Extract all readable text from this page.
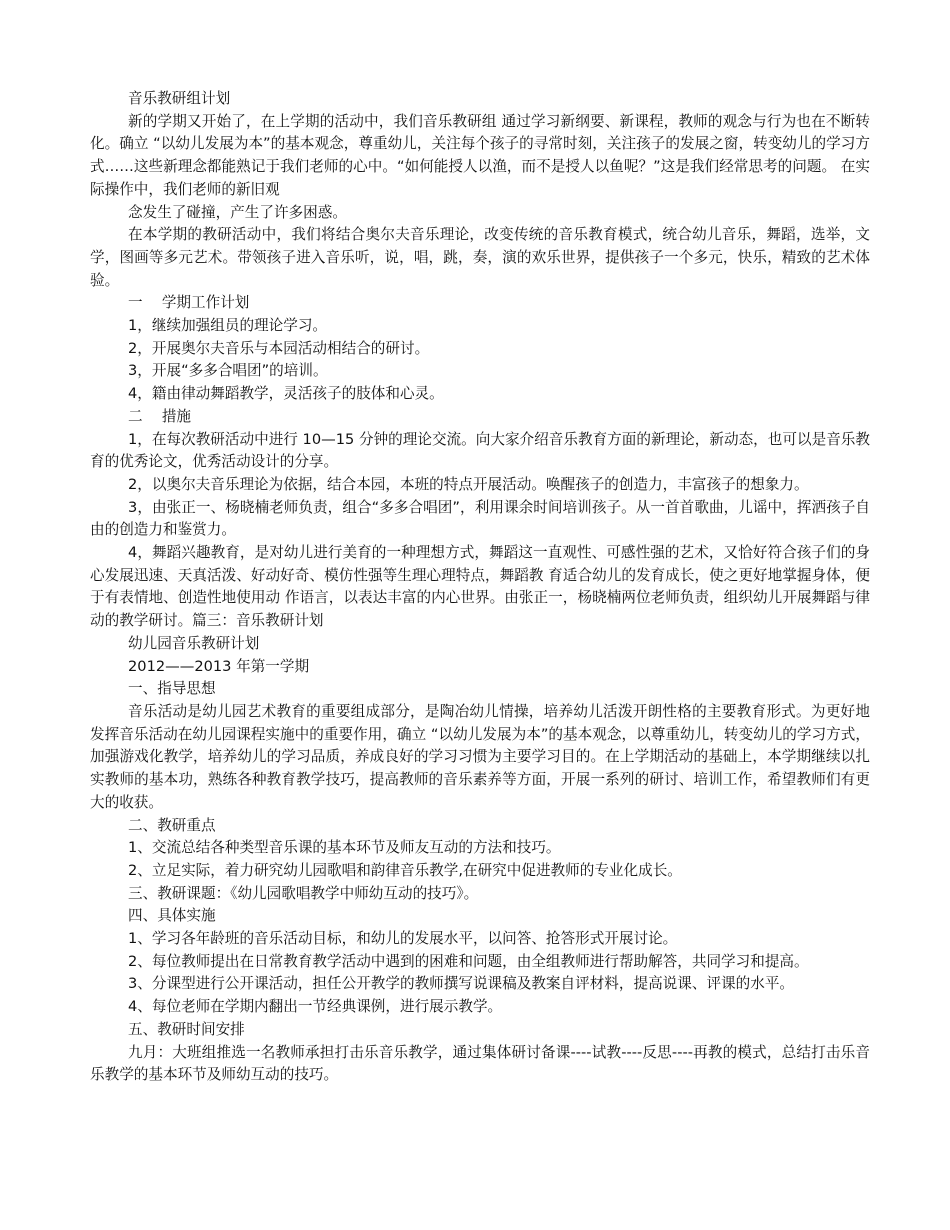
音乐教研组计划

新的学期又开始了，在上学期的活动中，我们音乐教研组 通过学习新纲要、新课程，教师的观念与行为也在不断转化。确立 “以幼儿发展为本”的基本观念，尊重幼儿，关注每个孩子的寻常时刻，关注孩子的发展之窗，转变幼儿的学习方式……这些新理念都能熟记于我们老师的心中。“如何能授人以渔，而不是授人以鱼呢？”这是我们经常思考的问题。 在实际操作中，我们老师的新旧观

念发生了碰撞，产生了许多困惑。

在本学期的教研活动中，我们将结合奥尔夫音乐理论，改变传统的音乐教育模式，统合幼儿音乐，舞蹈，选举，文学，图画等多元艺术。带领孩子进入音乐听，说，唱，跳，奏，演的欢乐世界，提供孩子一个多元，快乐，精致的艺术体验。

一　 学期工作计划

1，继续加强组员的理论学习。

2，开展奥尔夫音乐与本园活动相结合的研讨。

3，开展“多多合唱团”的培训。

4，籍由律动舞蹈教学，灵活孩子的肢体和心灵。

二　 措施

1，在每次教研活动中进行 10—15 分钟的理论交流。向大家介绍音乐教育方面的新理论，新动态，也可以是音乐教育的优秀论文，优秀活动设计的分享。

2，以奥尔夫音乐理论为依据，结合本园，本班的特点开展活动。唤醒孩子的创造力，丰富孩子的想象力。

3，由张正一、杨晓楠老师负责，组合“多多合唱团”，利用课余时间培训孩子。从一首首歌曲，儿谣中，挥洒孩子自由的创造力和鉴赏力。

4，舞蹈兴趣教育，是对幼儿进行美育的一种理想方式，舞蹈这一直观性、可感性强的艺术，又恰好符合孩子们的身心发展迅速、天真活泼、好动好奇、模仿性强等生理心理特点，舞蹈教 育适合幼儿的发育成长，使之更好地掌握身体，便于有表情地、创造性地使用动 作语言，以表达丰富的内心世界。由张正一，杨晓楠两位老师负责，组织幼儿开展舞蹈与律动的教学研讨。篇三：音乐教研计划

幼儿园音乐教研计划

2012——2013 年第一学期

一、指导思想

音乐活动是幼儿园艺术教育的重要组成部分，是陶冶幼儿情操，培养幼儿活泼开朗性格的主要教育形式。为更好地发挥音乐活动在幼儿园课程实施中的重要作用，确立 “以幼儿发展为本”的基本观念，以尊重幼儿，转变幼儿的学习方式，加强游戏化教学，培养幼儿的学习品质，养成良好的学习习惯为主要学习目的。在上学期活动的基础上，本学期继续以扎实教师的基本功，熟练各种教育教学技巧，提高教师的音乐素养等方面，开展一系列的研讨、培训工作，希望教师们有更大的收获。

二、教研重点

1、交流总结各种类型音乐课的基本环节及师友互动的方法和技巧。

2、立足实际，着力研究幼儿园歌唱和韵律音乐教学,在研究中促进教师的专业化成长。

三、教研课题：《幼儿园歌唱教学中师幼互动的技巧》。

四、具体实施

1、学习各年龄班的音乐活动目标，和幼儿的发展水平，以问答、抢答形式开展讨论。

2、每位教师提出在日常教育教学活动中遇到的困难和问题，由全组教师进行帮助解答，共同学习和提高。

3、分课型进行公开课活动，担任公开教学的教师撰写说课稿及教案自评材料，提高说课、评课的水平。

4、每位老师在学期内翻出一节经典课例，进行展示教学。

五、教研时间安排

九月：大班组推选一名教师承担打击乐音乐教学，通过集体研讨备课----试教----反思----再教的模式，总结打击乐音乐教学的基本环节及师幼互动的技巧。
